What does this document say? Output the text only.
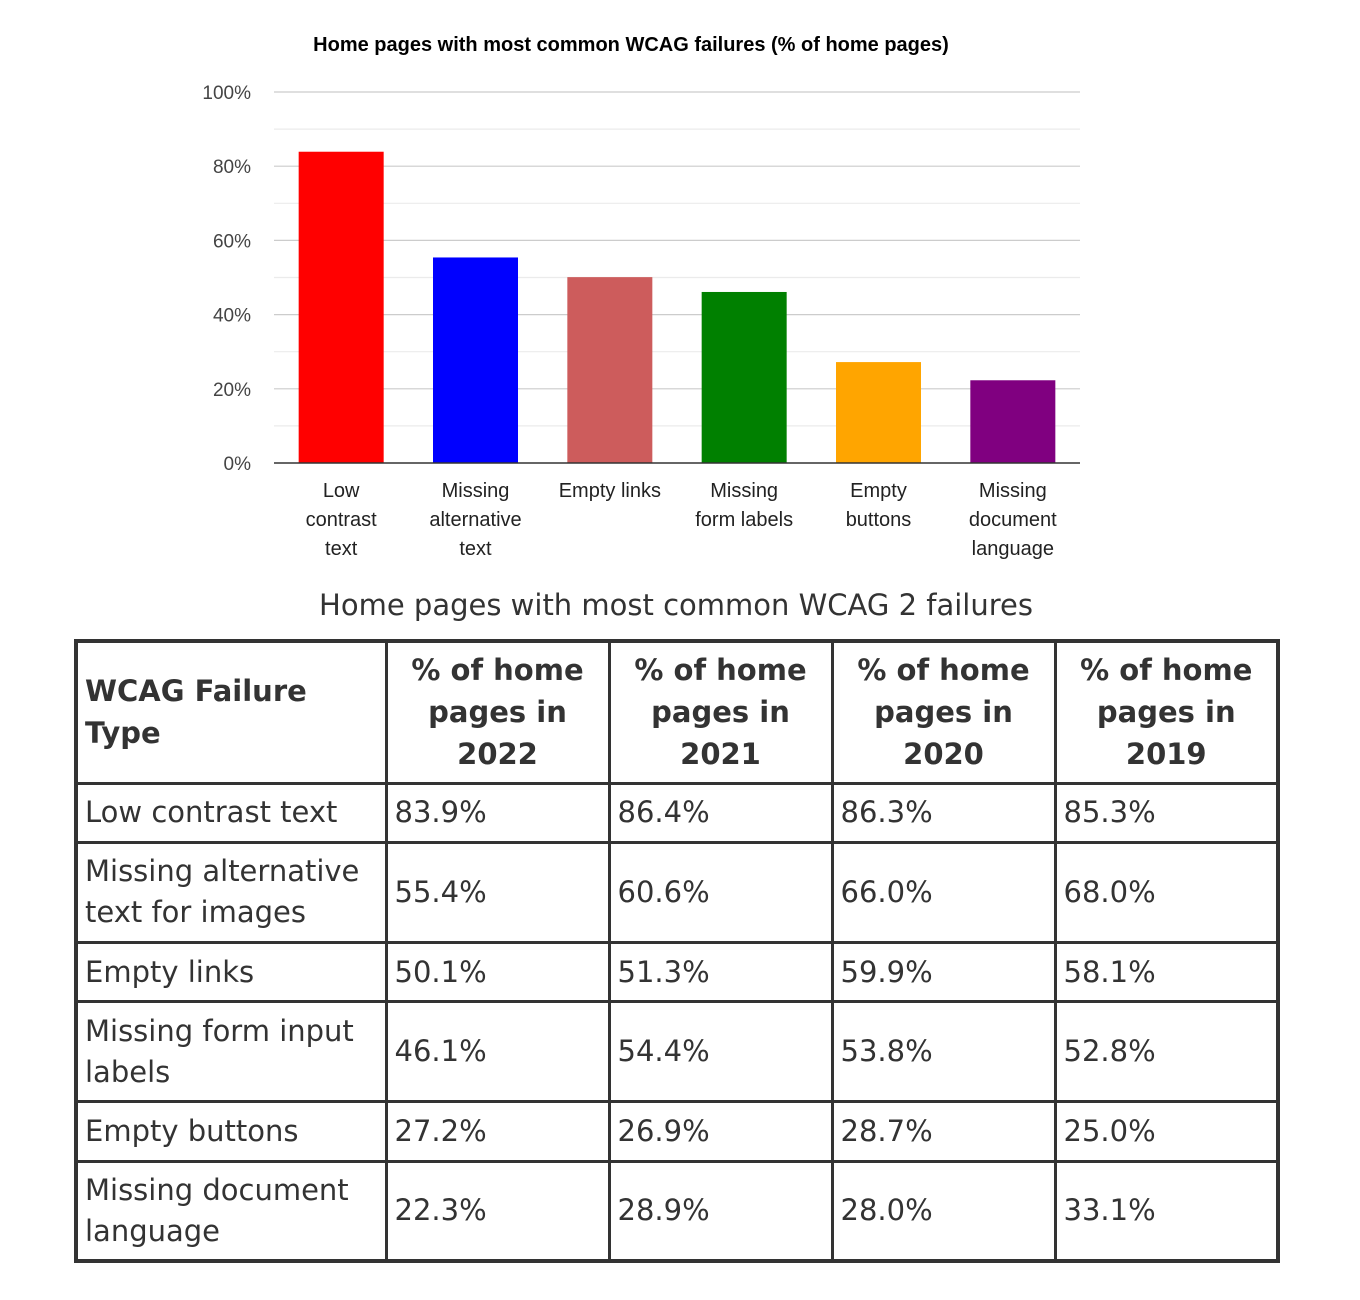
0%
20%
40%
60%
80%
100%
Low contrast text
Missing alternative text
Empty links	Missing form labels
Empty buttons
Missing document language
Home pages with most common WCAG failures (% of home pages)
Home pages with most common WCAG 2 failures
WCAG Failure Type	% of home pages in 2022	% of home pages in 2021	% of home pages in 2020	% of home pages in 2019
Low contrast text	83.9%	86.4%	86.3%	85.3%
Missing alternative text for images	55.4%	60.6%	66.0%	68.0%
Empty links	50.1%	51.3%	59.9%	58.1%
Missing form input labels	46.1%	54.4%	53.8%	52.8%
Empty buttons	27.2%	26.9%	28.7%	25.0%
Missing document language	22.3%	28.9%	28.0%	33.1%
